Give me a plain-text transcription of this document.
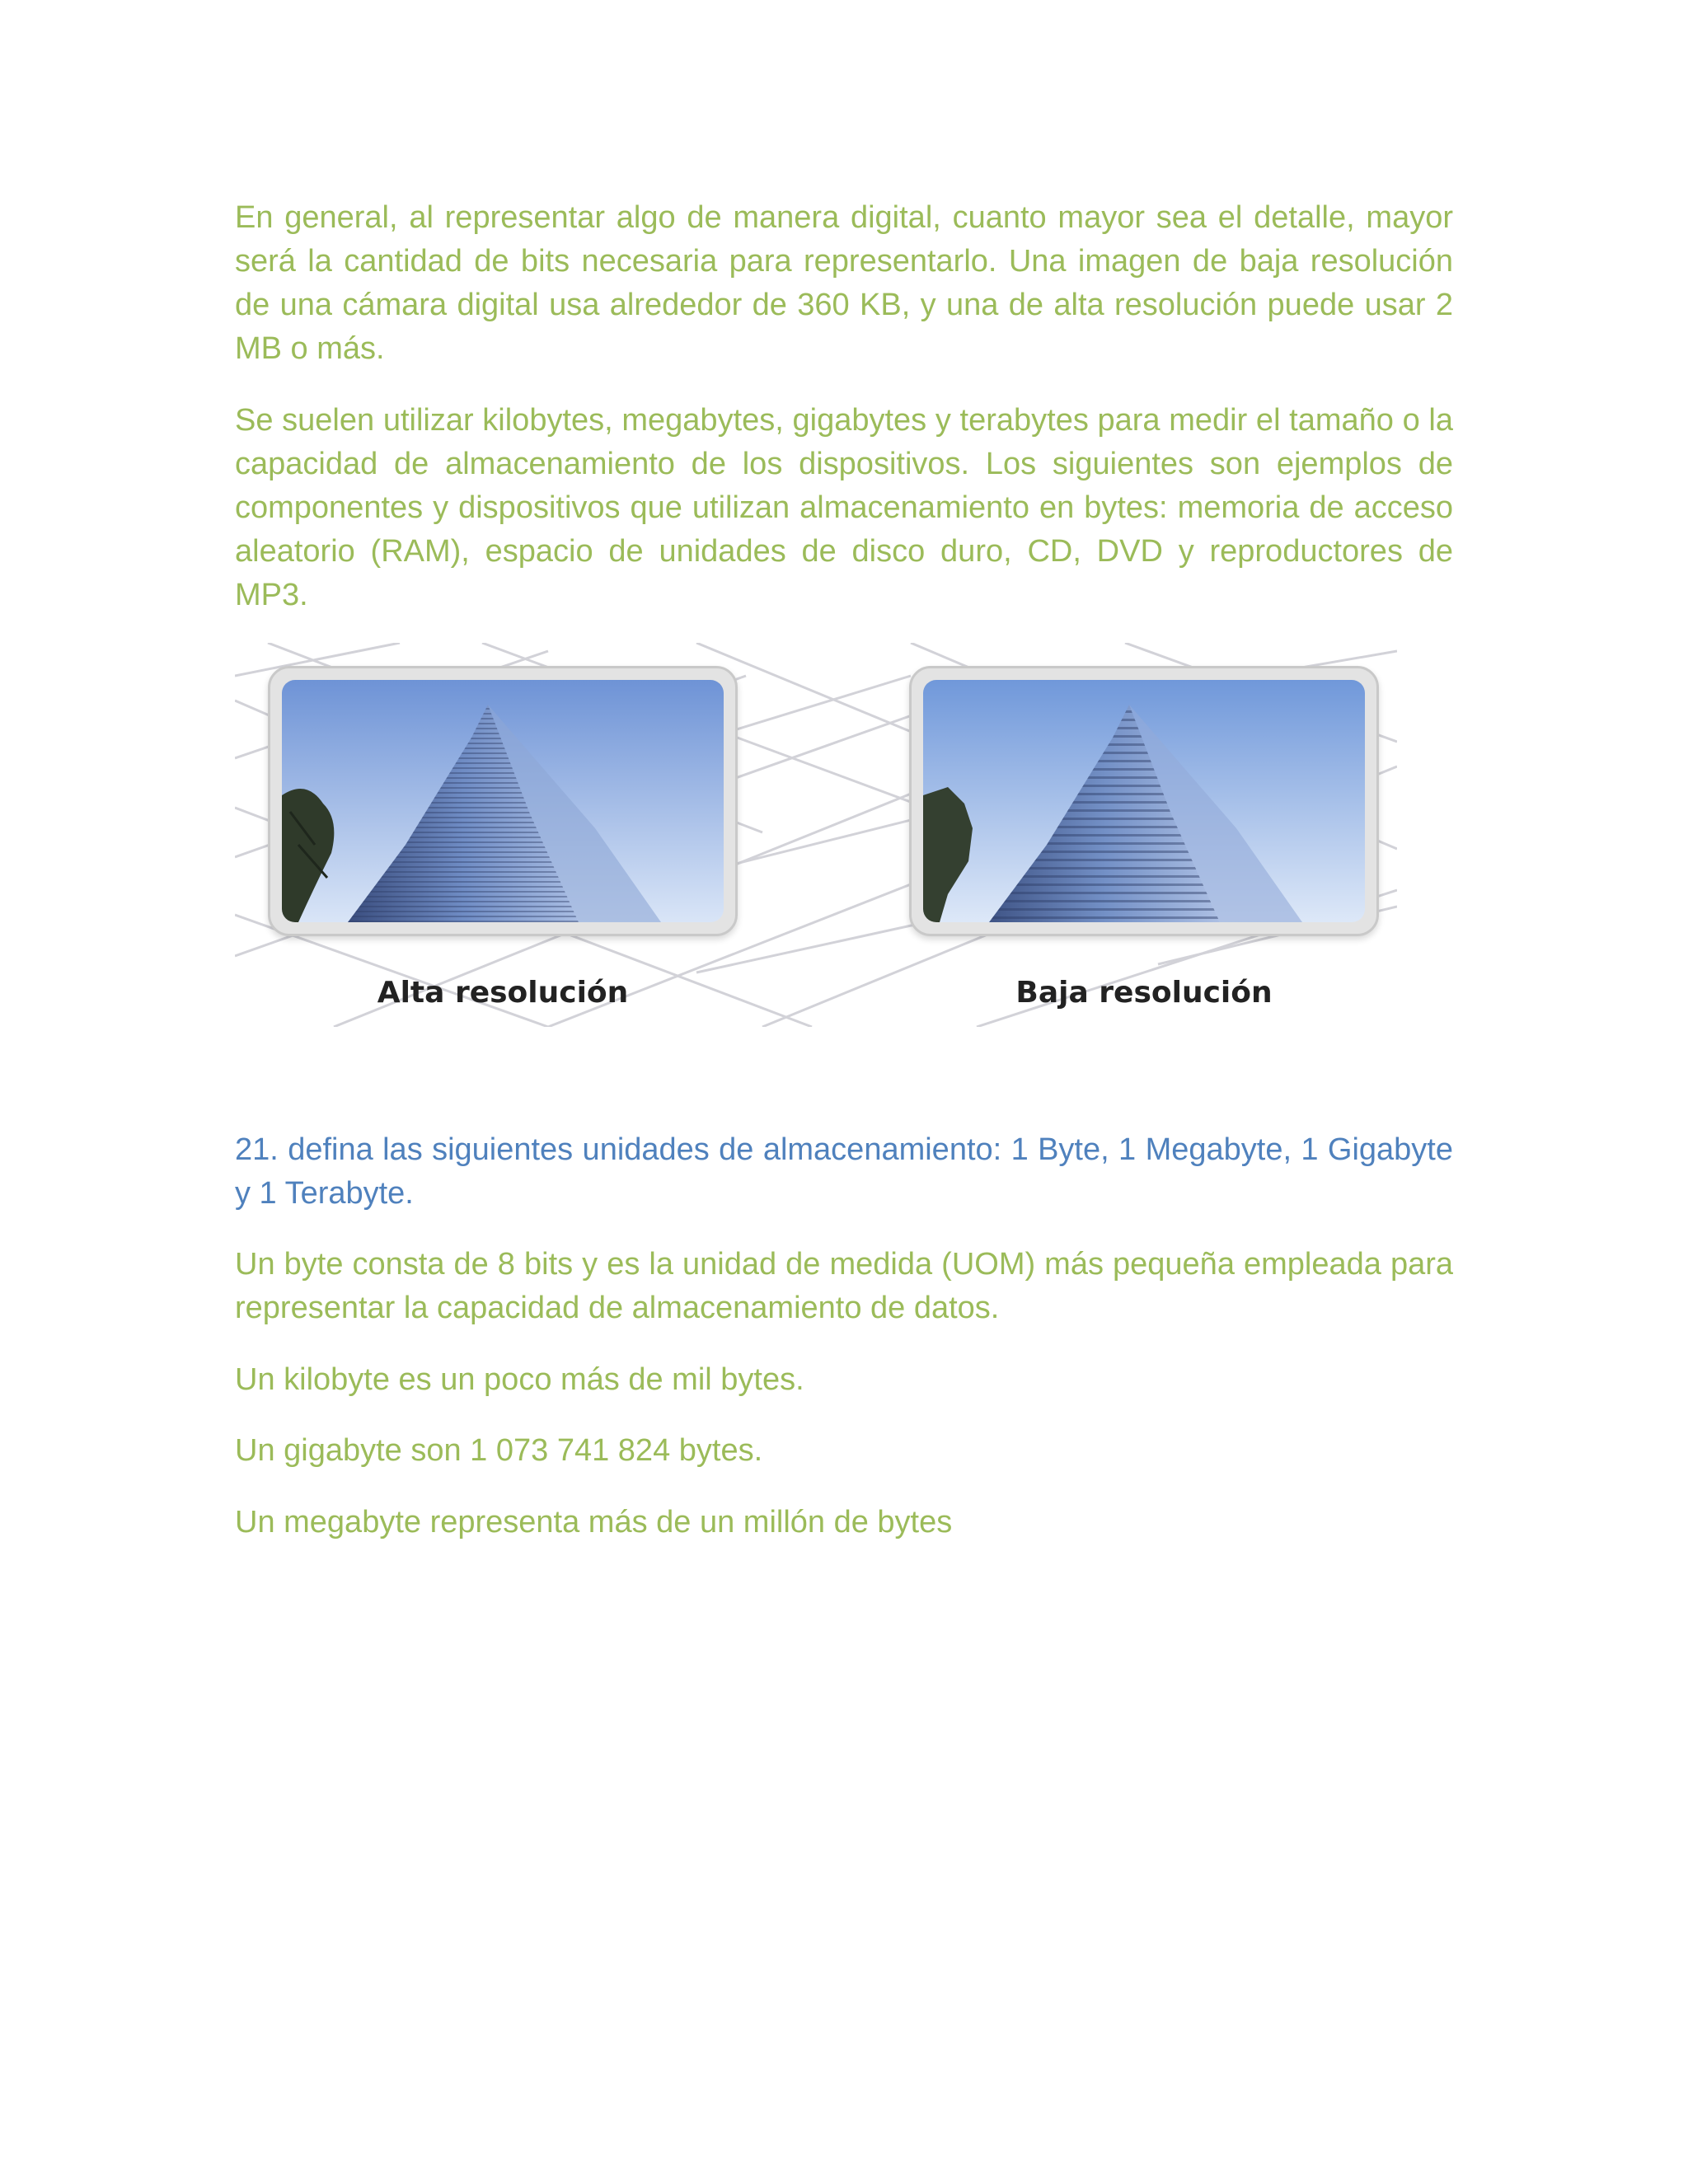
En general, al representar algo de manera digital, cuanto mayor sea el detalle, mayor será la cantidad de bits necesaria para representarlo. Una imagen de baja resolución de una cámara digital usa alrededor de 360 KB, y una de alta resolución puede usar 2 MB o más.

Se suelen utilizar kilobytes, megabytes, gigabytes y terabytes para medir el tamaño o la capacidad de almacenamiento de los dispositivos. Los siguientes son ejemplos de componentes y dispositivos que utilizan almacenamiento en bytes: memoria de acceso aleatorio (RAM), espacio de unidades de disco duro, CD, DVD y reproductores de MP3.

Alta resolución	Baja resolución

21. defina las siguientes unidades de almacenamiento: 1 Byte, 1 Megabyte, 1 Gigabyte y 1 Terabyte.

Un byte consta de 8 bits y es la unidad de medida (UOM) más pequeña empleada para representar la capacidad de almacenamiento de datos.

Un kilobyte es un poco más de mil bytes.

Un gigabyte son 1 073 741 824 bytes.

Un megabyte representa más de un millón de bytes
